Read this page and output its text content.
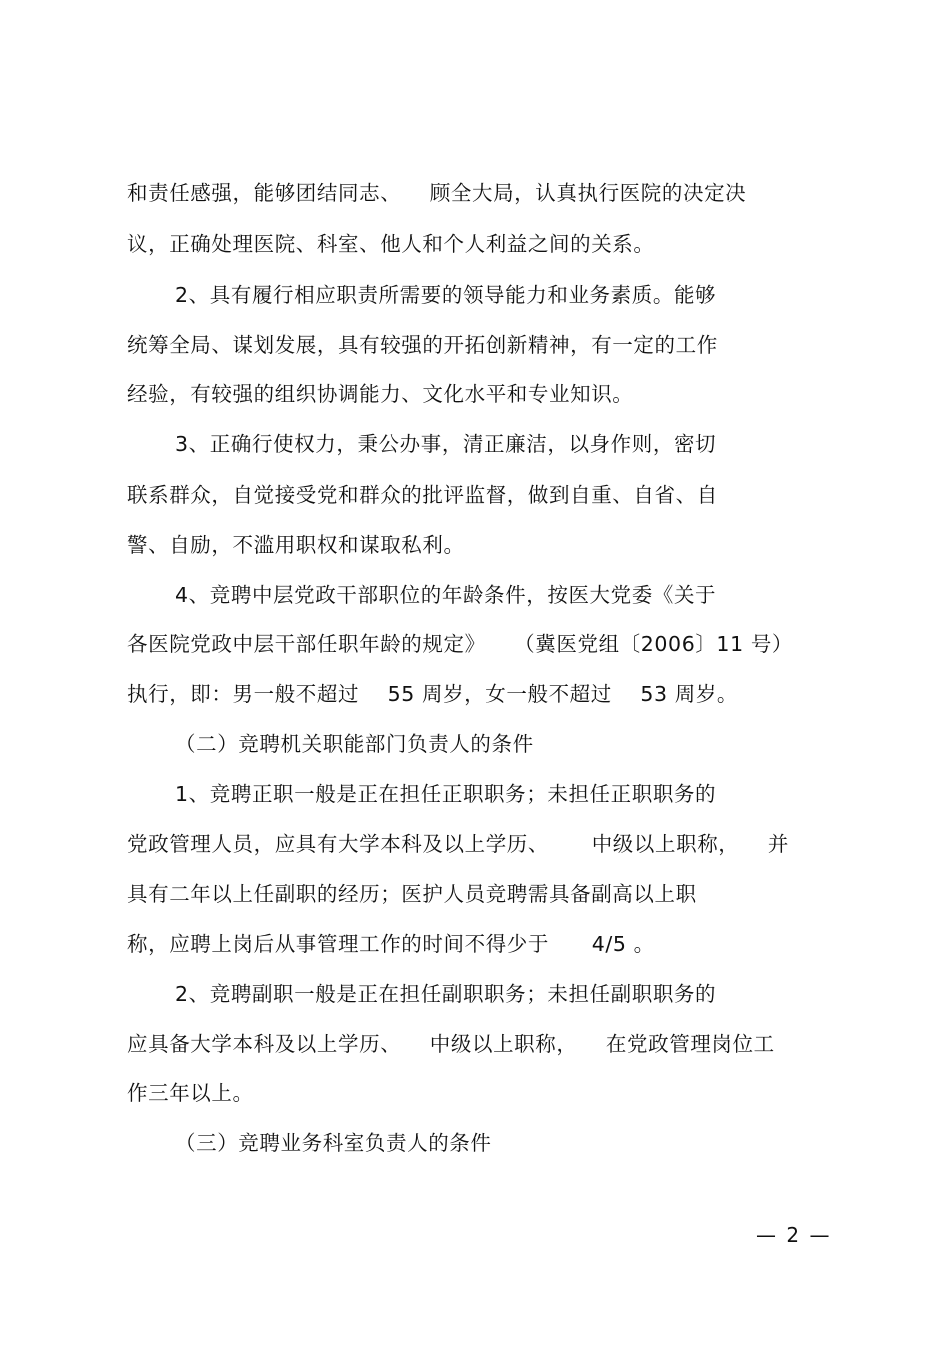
和责任感强，能够团结同志、    顾全大局，认真执行医院的决定决
议，正确处理医院、科室、他人和个人利益之间的关系。
2、具有履行相应职责所需要的领导能力和业务素质。能够
统筹全局、谋划发展，具有较强的开拓创新精神，有一定的工作
经验，有较强的组织协调能力、文化水平和专业知识。
3、正确行使权力，秉公办事，清正廉洁，以身作则，密切
联系群众，自觉接受党和群众的批评监督，做到自重、自省、自
警、自励，不滥用职权和谋取私利。
4、竞聘中层党政干部职位的年龄条件，按医大党委《关于
各医院党政中层干部任职年龄的规定》    （冀医党组〔2006〕11 号）
执行，即：男一般不超过    55 周岁，女一般不超过    53 周岁。
（二）竞聘机关职能部门负责人的条件
1、竞聘正职一般是正在担任正职职务；未担任正职职务的
党政管理人员，应具有大学本科及以上学历、      中级以上职称，    并
具有二年以上任副职的经历；医护人员竞聘需具备副高以上职
称，应聘上岗后从事管理工作的时间不得少于      4/5 。
2、竞聘副职一般是正在担任副职职务；未担任副职职务的
应具备大学本科及以上学历、    中级以上职称，    在党政管理岗位工
作三年以上。
（三）竞聘业务科室负责人的条件
— 2 —
